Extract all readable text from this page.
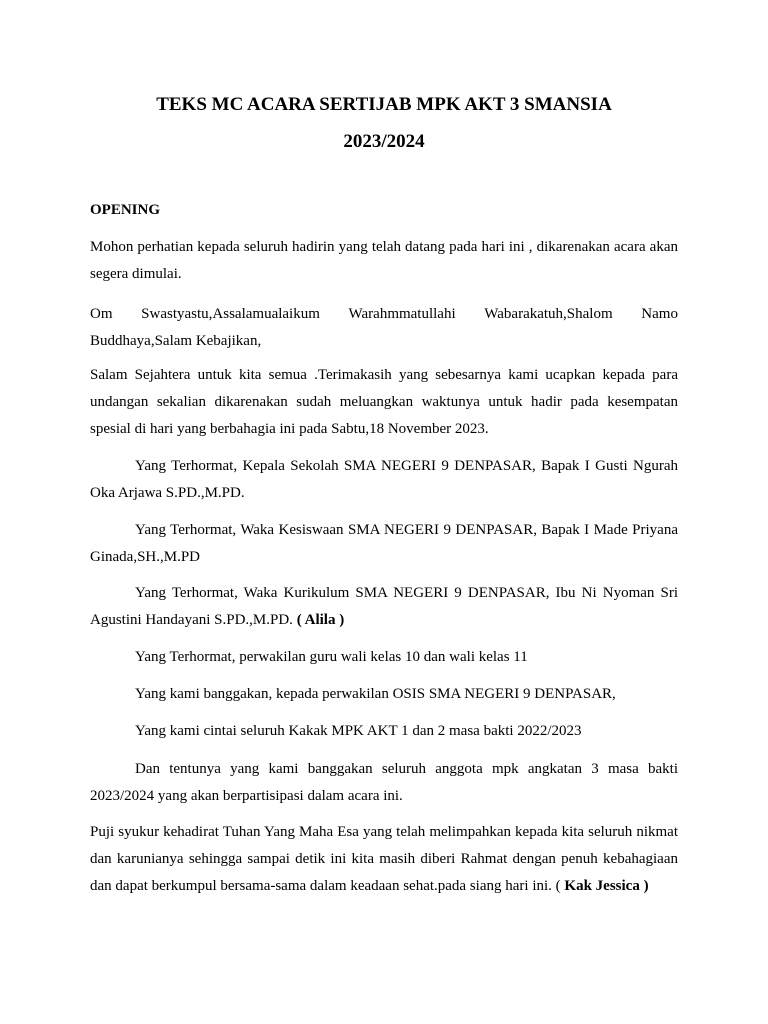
TEKS MC ACARA SERTIJAB MPK AKT 3 SMANSIA
2023/2024
OPENING

Mohon perhatian kepada seluruh hadirin yang telah datang pada hari ini , dikarenakan acara akan segera dimulai.

Om Swastyastu,Assalamualaikum Warahmmatullahi Wabarakatuh,Shalom Namo
Buddhaya,Salam Kebajikan,

Salam Sejahtera untuk kita semua .Terimakasih yang sebesarnya kami ucapkan kepada para undangan sekalian dikarenakan sudah meluangkan waktunya untuk hadir pada kesempatan spesial di hari yang berbahagia ini pada Sabtu,18 November 2023.

Yang Terhormat, Kepala Sekolah SMA NEGERI 9 DENPASAR, Bapak I Gusti Ngurah Oka Arjawa S.PD.,M.PD.

Yang Terhormat, Waka Kesiswaan SMA NEGERI 9 DENPASAR, Bapak I Made Priyana Ginada,SH.,M.PD

Yang Terhormat, Waka Kurikulum SMA NEGERI 9 DENPASAR, Ibu Ni Nyoman Sri Agustini Handayani S.PD.,M.PD. ( Alila )

Yang Terhormat, perwakilan guru wali kelas 10 dan wali kelas 11

Yang kami banggakan, kepada perwakilan OSIS SMA NEGERI 9 DENPASAR,

Yang kami cintai seluruh Kakak MPK AKT 1 dan 2 masa bakti 2022/2023

Dan tentunya yang kami banggakan seluruh anggota mpk angkatan 3 masa bakti 2023/2024 yang akan berpartisipasi dalam acara ini.

Puji syukur kehadirat Tuhan Yang Maha Esa yang telah melimpahkan kepada kita seluruh nikmat dan karunianya sehingga sampai detik ini kita masih diberi Rahmat dengan penuh kebahagiaan dan dapat berkumpul bersama-sama dalam keadaan sehat.pada siang hari ini. ( Kak Jessica )
